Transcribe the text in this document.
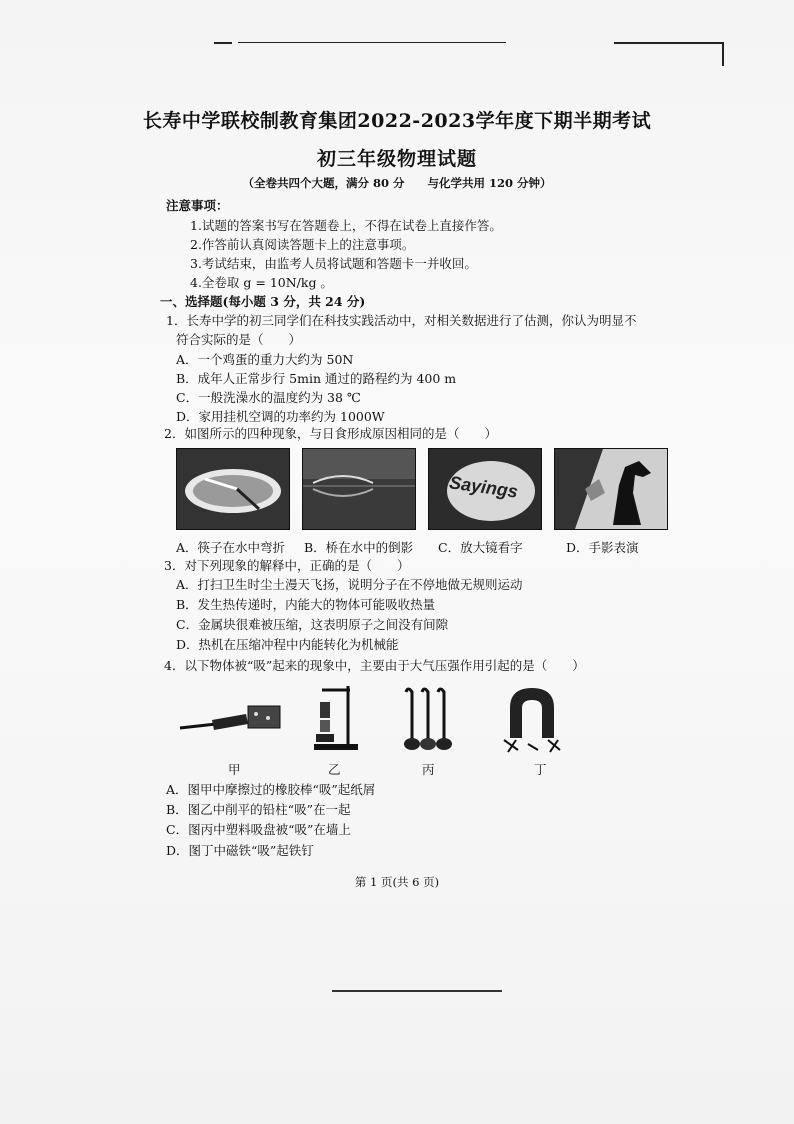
长寿中学联校制教育集团2022-2023学年度下期半期考试
初三年级物理试题
（全卷共四个大题，满分 80 分　　与化学共用 120 分钟）
注意事项：
1.试题的答案书写在答题卷上，不得在试卷上直接作答。
2.作答前认真阅读答题卡上的注意事项。
3.考试结束，由监考人员将试题和答题卡一并收回。
4.全卷取 g = 10N/kg 。
一、选择题(每小题 3 分，共 24 分)
1．长寿中学的初三同学们在科技实践活动中，对相关数据进行了估测，你认为明显不
符合实际的是（　　）
A．一个鸡蛋的重力大约为 50N
B．成年人正常步行 5min 通过的路程约为 400 m
C．一般洗澡水的温度约为 38 ℃
D．家用挂机空调的功率约为 1000W
2．如图所示的四种现象，与日食形成原因相同的是（　　）
Sayings
A．筷子在水中弯折 B．桥在水中的倒影 C．放大镜看字	D．手影表演
3．对下列现象的解释中，正确的是（　　）
A．打扫卫生时尘土漫天飞扬，说明分子在不停地做无规则运动
B．发生热传递时，内能大的物体可能吸收热量
C．金属块很难被压缩，这表明原子之间没有间隙
D．热机在压缩冲程中内能转化为机械能
4．以下物体被“吸”起来的现象中，主要由于大气压强作用引起的是（　　）
甲	乙	丙	丁
A．图甲中摩擦过的橡胶棒“吸”起纸屑
B．图乙中削平的铅柱“吸”在一起
C．图丙中塑料吸盘被“吸”在墙上
D．图丁中磁铁“吸”起铁钉
第 1 页(共 6 页)
